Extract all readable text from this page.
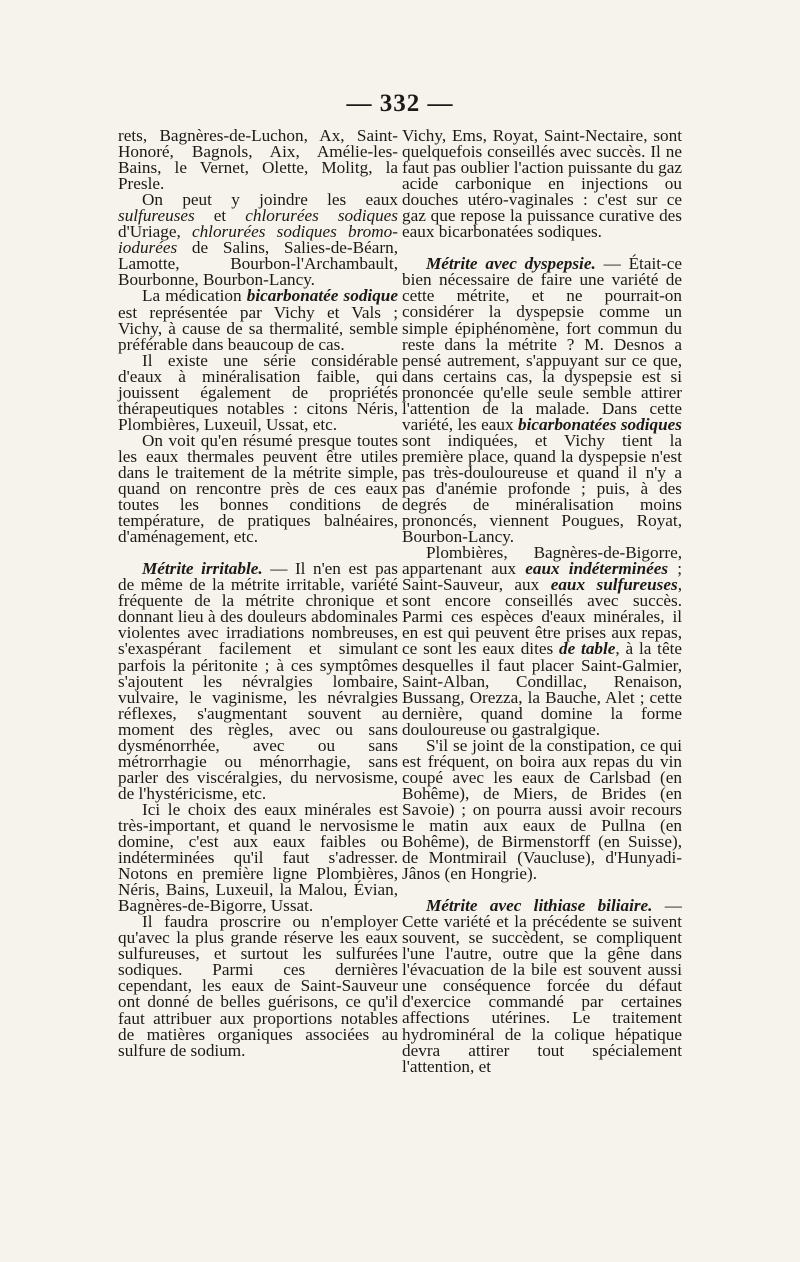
— 332 —

rets, Bagnères-de-Luchon, Ax, Saint-Honoré, Bagnols, Aix, Amélie-les-Bains, le Vernet, Olette, Molitg, la Presle.

On peut y joindre les eaux sulfureuses et chlorurées sodiques d'Uriage, chlorurées sodiques bromo-iodurées de Salins, Salies-de-Béarn, Lamotte, Bourbon-l'Archambault, Bourbonne, Bourbon-Lancy.

La médication bicarbonatée sodique est représentée par Vichy et Vals ; Vichy, à cause de sa thermalité, semble préférable dans beaucoup de cas.

Il existe une série considérable d'eaux à minéralisation faible, qui jouissent également de propriétés thérapeutiques notables : citons Néris, Plombières, Luxeuil, Ussat, etc.

On voit qu'en résumé presque toutes les eaux thermales peuvent être utiles dans le traitement de la métrite simple, quand on rencontre près de ces eaux toutes les bonnes conditions de température, de pratiques balnéaires, d'aménagement, etc.

Métrite irritable. — Il n'en est pas de même de la métrite irritable, variété fréquente de la métrite chronique et donnant lieu à des douleurs abdominales violentes avec irradiations nombreuses, s'exaspérant facilement et simulant parfois la péritonite ; à ces symptômes s'ajoutent les névralgies lombaire, vulvaire, le vaginisme, les névralgies réflexes, s'augmentant souvent au moment des règles, avec ou sans dysménorrhée, avec ou sans métrorrhagie ou ménorrhagie, sans parler des viscéralgies, du nervosisme, de l'hystéricisme, etc.

Ici le choix des eaux minérales est très-important, et quand le nervosisme domine, c'est aux eaux faibles ou indéterminées qu'il faut s'adresser. Notons en première ligne Plombières, Néris, Bains, Luxeuil, la Malou, Évian, Bagnères-de-Bigorre, Ussat.

Il faudra proscrire ou n'employer qu'avec la plus grande réserve les eaux sulfureuses, et surtout les sulfurées sodiques. Parmi ces dernières cependant, les eaux de Saint-Sauveur ont donné de belles guérisons, ce qu'il faut attribuer aux proportions notables de matières organiques associées au sulfure de sodium.

Vichy, Ems, Royat, Saint-Nectaire, sont quelquefois conseillés avec succès. Il ne faut pas oublier l'action puissante du gaz acide carbonique en injections ou douches utéro-vaginales : c'est sur ce gaz que repose la puissance curative des eaux bicarbonatées sodiques.

Métrite avec dyspepsie. — Était-ce bien nécessaire de faire une variété de cette métrite, et ne pourrait-on considérer la dyspepsie comme un simple épiphénomène, fort commun du reste dans la métrite ? M. Desnos a pensé autrement, s'appuyant sur ce que, dans certains cas, la dyspepsie est si prononcée qu'elle seule semble attirer l'attention de la malade. Dans cette variété, les eaux bicarbonatées sodiques sont indiquées, et Vichy tient la première place, quand la dyspepsie n'est pas très-douloureuse et quand il n'y a pas d'anémie profonde ; puis, à des degrés de minéralisation moins prononcés, viennent Pougues, Royat, Bourbon-Lancy.

Plombières, Bagnères-de-Bigorre, appartenant aux eaux indéterminées ; Saint-Sauveur, aux eaux sulfureuses, sont encore conseillés avec succès. Parmi ces espèces d'eaux minérales, il en est qui peuvent être prises aux repas, ce sont les eaux dites de table, à la tête desquelles il faut placer Saint-Galmier, Saint-Alban, Condillac, Renaison, Bussang, Orezza, la Bauche, Alet ; cette dernière, quand domine la forme douloureuse ou gastralgique.

S'il se joint de la constipation, ce qui est fréquent, on boira aux repas du vin coupé avec les eaux de Carlsbad (en Bohême), de Miers, de Brides (en Savoie) ; on pourra aussi avoir recours le matin aux eaux de Pullna (en Bohême), de Birmenstorff (en Suisse), de Montmirail (Vaucluse), d'Hunyadi-Jânos (en Hongrie).

Métrite avec lithiase biliaire. — Cette variété et la précédente se suivent souvent, se succèdent, se compliquent l'une l'autre, outre que la gêne dans l'évacuation de la bile est souvent aussi une conséquence forcée du défaut d'exercice commandé par certaines affections utérines. Le traitement hydrominéral de la colique hépatique devra attirer tout spécialement l'attention, et
